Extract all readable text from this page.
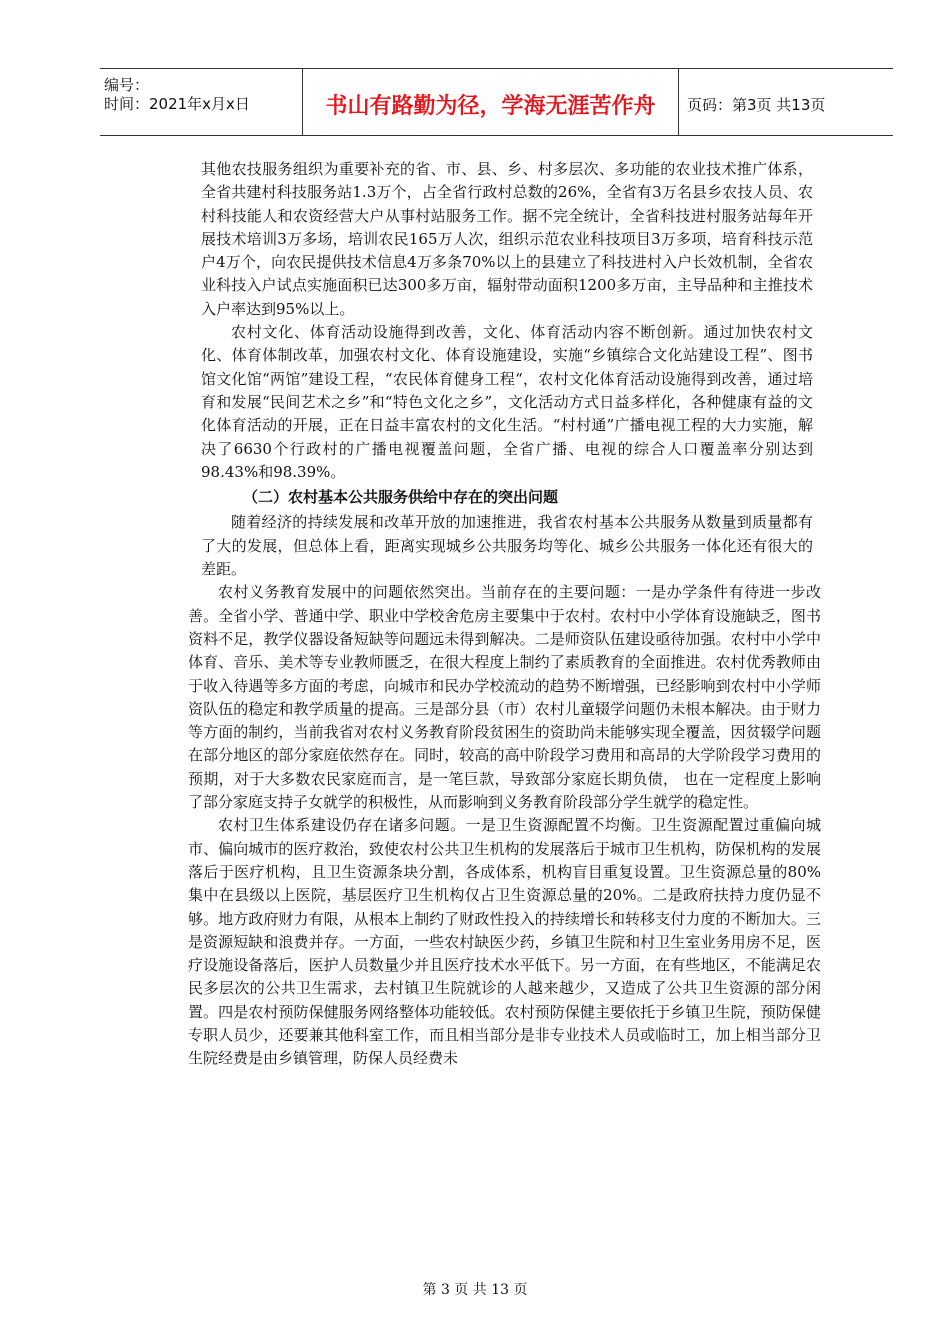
编号：
时间：2021年x月x日	书山有路勤为径，学海无涯苦作舟	页码：第3页 共13页

其他农技服务组织为重要补充的省、市、县、乡、村多层次、多功能的农业技术推广体系，全省共建村科技服务站1.3万个，占全省行政村总数的26%，全省有3万名县乡农技人员、农村科技能人和农资经营大户从事村站服务工作。据不完全统计，全省科技进村服务站每年开展技术培训3万多场，培训农民165万人次，组织示范农业科技项目3万多项，培育科技示范户4万个，向农民提供技术信息4万多条70%以上的县建立了科技进村入户长效机制，全省农业科技入户试点实施面积已达300多万亩，辐射带动面积1200多万亩，主导品种和主推技术入户率达到95%以上。

农村文化、体育活动设施得到改善，文化、体育活动内容不断创新。通过加快农村文化、体育体制改革，加强农村文化、体育设施建设，实施“乡镇综合文化站建设工程”、图书馆文化馆“两馆”建设工程，“农民体育健身工程“，农村文化体育活动设施得到改善，通过培育和发展“民间艺术之乡”和“特色文化之乡”，文化活动方式日益多样化，各种健康有益的文化体育活动的开展，正在日益丰富农村的文化生活。“村村通”广播电视工程的大力实施，解决了6630个行政村的广播电视覆盖问题，全省广播、电视的综合人口覆盖率分别达到98.43%和98.39%。

（二）农村基本公共服务供给中存在的突出问题

随着经济的持续发展和改革开放的加速推进，我省农村基本公共服务从数量到质量都有了大的发展，但总体上看，距离实现城乡公共服务均等化、城乡公共服务一体化还有很大的差距。

农村义务教育发展中的问题依然突出。当前存在的主要问题：一是办学条件有待进一步改善。全省小学、普通中学、职业中学校舍危房主要集中于农村。农村中小学体育设施缺乏，图书资料不足，教学仪器设备短缺等问题远未得到解决。二是师资队伍建设亟待加强。农村中小学中体育、音乐、美术等专业教师匮乏，在很大程度上制约了素质教育的全面推进。农村优秀教师由于收入待遇等多方面的考虑，向城市和民办学校流动的趋势不断增强，已经影响到农村中小学师资队伍的稳定和教学质量的提高。三是部分县（市）农村儿童辍学问题仍未根本解决。由于财力等方面的制约，当前我省对农村义务教育阶段贫困生的资助尚未能够实现全覆盖，因贫辍学问题在部分地区的部分家庭依然存在。同时，较高的高中阶段学习费用和高昂的大学阶段学习费用的预期，对于大多数农民家庭而言，是一笔巨款，导致部分家庭长期负债， 也在一定程度上影响了部分家庭支持子女就学的积极性，从而影响到义务教育阶段部分学生就学的稳定性。

农村卫生体系建设仍存在诸多问题。一是卫生资源配置不均衡。卫生资源配置过重偏向城市、偏向城市的医疗救治，致使农村公共卫生机构的发展落后于城市卫生机构，防保机构的发展落后于医疗机构，且卫生资源条块分割，各成体系，机构盲目重复设置。卫生资源总量的80%集中在县级以上医院，基层医疗卫生机构仅占卫生资源总量的20%。二是政府扶持力度仍显不够。地方政府财力有限，从根本上制约了财政性投入的持续增长和转移支付力度的不断加大。三是资源短缺和浪费并存。一方面，一些农村缺医少药，乡镇卫生院和村卫生室业务用房不足，医疗设施设备落后，医护人员数量少并且医疗技术水平低下。另一方面，在有些地区，不能满足农民多层次的公共卫生需求，去村镇卫生院就诊的人越来越少，又造成了公共卫生资源的部分闲置。四是农村预防保健服务网络整体功能较低。农村预防保健主要依托于乡镇卫生院，预防保健专职人员少，还要兼其他科室工作，而且相当部分是非专业技术人员或临时工，加上相当部分卫生院经费是由乡镇管理，防保人员经费未

第 3 页 共 13 页
